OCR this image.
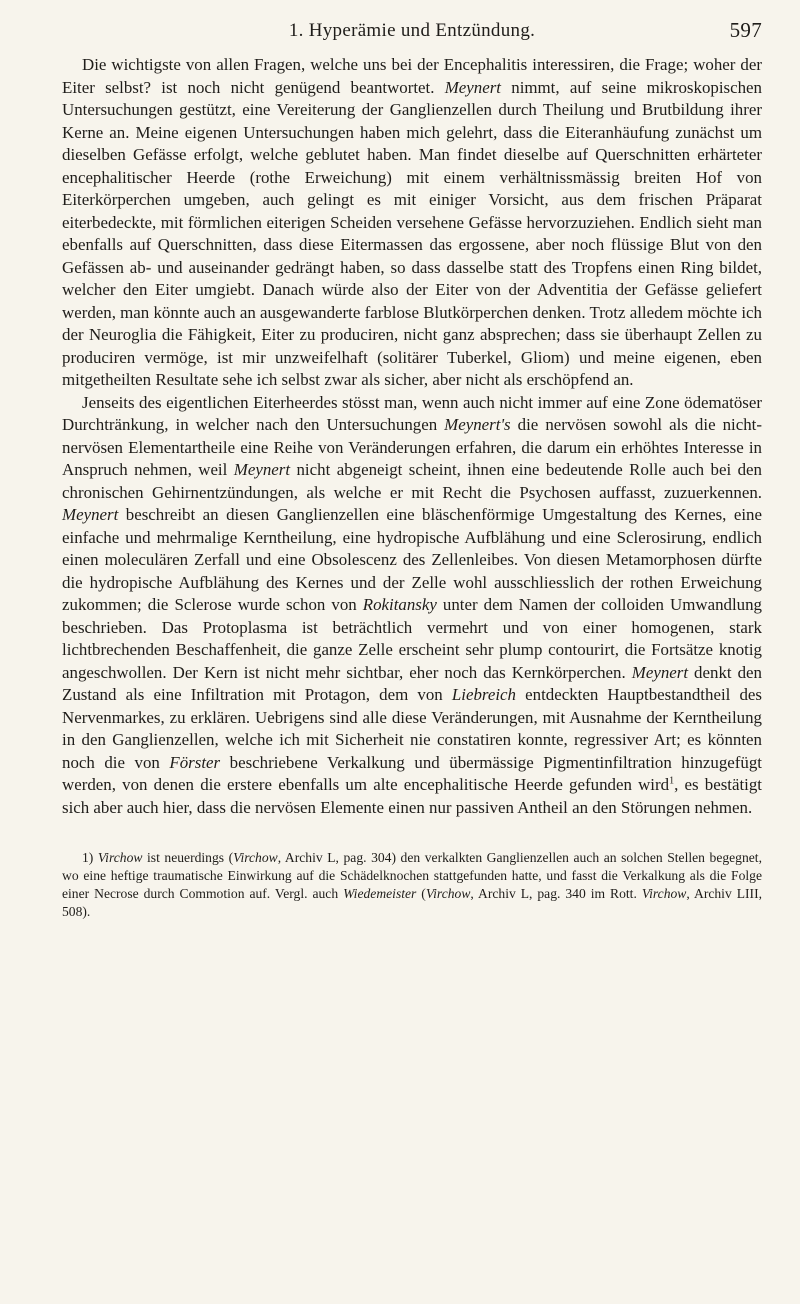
1. Hyperämie und Entzündung.	597

Die wichtigste von allen Fragen, welche uns bei der Encephalitis interessiren, die Frage; woher der Eiter selbst? ist noch nicht genügend beantwortet. Meynert nimmt, auf seine mikroskopischen Untersuchungen gestützt, eine Vereiterung der Ganglienzellen durch Theilung und Brutbildung ihrer Kerne an. Meine eigenen Untersuchungen haben mich gelehrt, dass die Eiteranhäufung zunächst um dieselben Gefässe erfolgt, welche geblutet haben. Man findet dieselbe auf Querschnitten erhärteter encephalitischer Heerde (rothe Erweichung) mit einem verhältnissmässig breiten Hof von Eiterkörperchen umgeben, auch gelingt es mit einiger Vorsicht, aus dem frischen Präparat eiterbedeckte, mit förmlichen eiterigen Scheiden versehene Gefässe hervorzuziehen. Endlich sieht man ebenfalls auf Querschnitten, dass diese Eitermassen das ergossene, aber noch flüssige Blut von den Gefässen ab- und auseinander gedrängt haben, so dass dasselbe statt des Tropfens einen Ring bildet, welcher den Eiter umgiebt. Danach würde also der Eiter von der Adventitia der Gefässe geliefert werden, man könnte auch an ausgewanderte farblose Blutkörperchen denken. Trotz alledem möchte ich der Neuroglia die Fähigkeit, Eiter zu produciren, nicht ganz absprechen; dass sie überhaupt Zellen zu produciren vermöge, ist mir unzweifelhaft (solitärer Tuberkel, Gliom) und meine eigenen, eben mitgetheilten Resultate sehe ich selbst zwar als sicher, aber nicht als erschöpfend an.

Jenseits des eigentlichen Eiterheerdes stösst man, wenn auch nicht immer auf eine Zone ödematöser Durchtränkung, in welcher nach den Untersuchungen Meynert's die nervösen sowohl als die nicht-nervösen Elementartheile eine Reihe von Veränderungen erfahren, die darum ein erhöhtes Interesse in Anspruch nehmen, weil Meynert nicht abgeneigt scheint, ihnen eine bedeutende Rolle auch bei den chronischen Gehirnentzündungen, als welche er mit Recht die Psychosen auffasst, zuzuerkennen. Meynert beschreibt an diesen Ganglienzellen eine bläschenförmige Umgestaltung des Kernes, eine einfache und mehrmalige Kerntheilung, eine hydropische Aufblähung und eine Sclerosirung, endlich einen moleculären Zerfall und eine Obsolescenz des Zellenleibes. Von diesen Metamorphosen dürfte die hydropische Aufblähung des Kernes und der Zelle wohl ausschliesslich der rothen Erweichung zukommen; die Sclerose wurde schon von Rokitansky unter dem Namen der colloiden Umwandlung beschrieben. Das Protoplasma ist beträchtlich vermehrt und von einer homogenen, stark lichtbrechenden Beschaffenheit, die ganze Zelle erscheint sehr plump contourirt, die Fortsätze knotig angeschwollen. Der Kern ist nicht mehr sichtbar, eher noch das Kernkörperchen. Meynert denkt den Zustand als eine Infiltration mit Protagon, dem von Liebreich entdeckten Hauptbestandtheil des Nervenmarkes, zu erklären. Uebrigens sind alle diese Veränderungen, mit Ausnahme der Kerntheilung in den Ganglienzellen, welche ich mit Sicherheit nie constatiren konnte, regressiver Art; es könnten noch die von Förster beschriebene Verkalkung und übermässige Pigmentinfiltration hinzugefügt werden, von denen die erstere ebenfalls um alte encephalitische Heerde gefunden wird$^1$, es bestätigt sich aber auch hier, dass die nervösen Elemente einen nur passiven Antheil an den Störungen nehmen.

1) Virchow ist neuerdings (Virchow, Archiv L, pag. 304) den verkalkten Ganglienzellen auch an solchen Stellen begegnet, wo eine heftige traumatische Einwirkung auf die Schädelknochen stattgefunden hatte, und fasst die Verkalkung als die Folge einer Necrose durch Commotion auf. Vergl. auch Wiedemeister (Virchow, Archiv L, pag. 340 im Rott. Virchow, Archiv LIII, 508).
